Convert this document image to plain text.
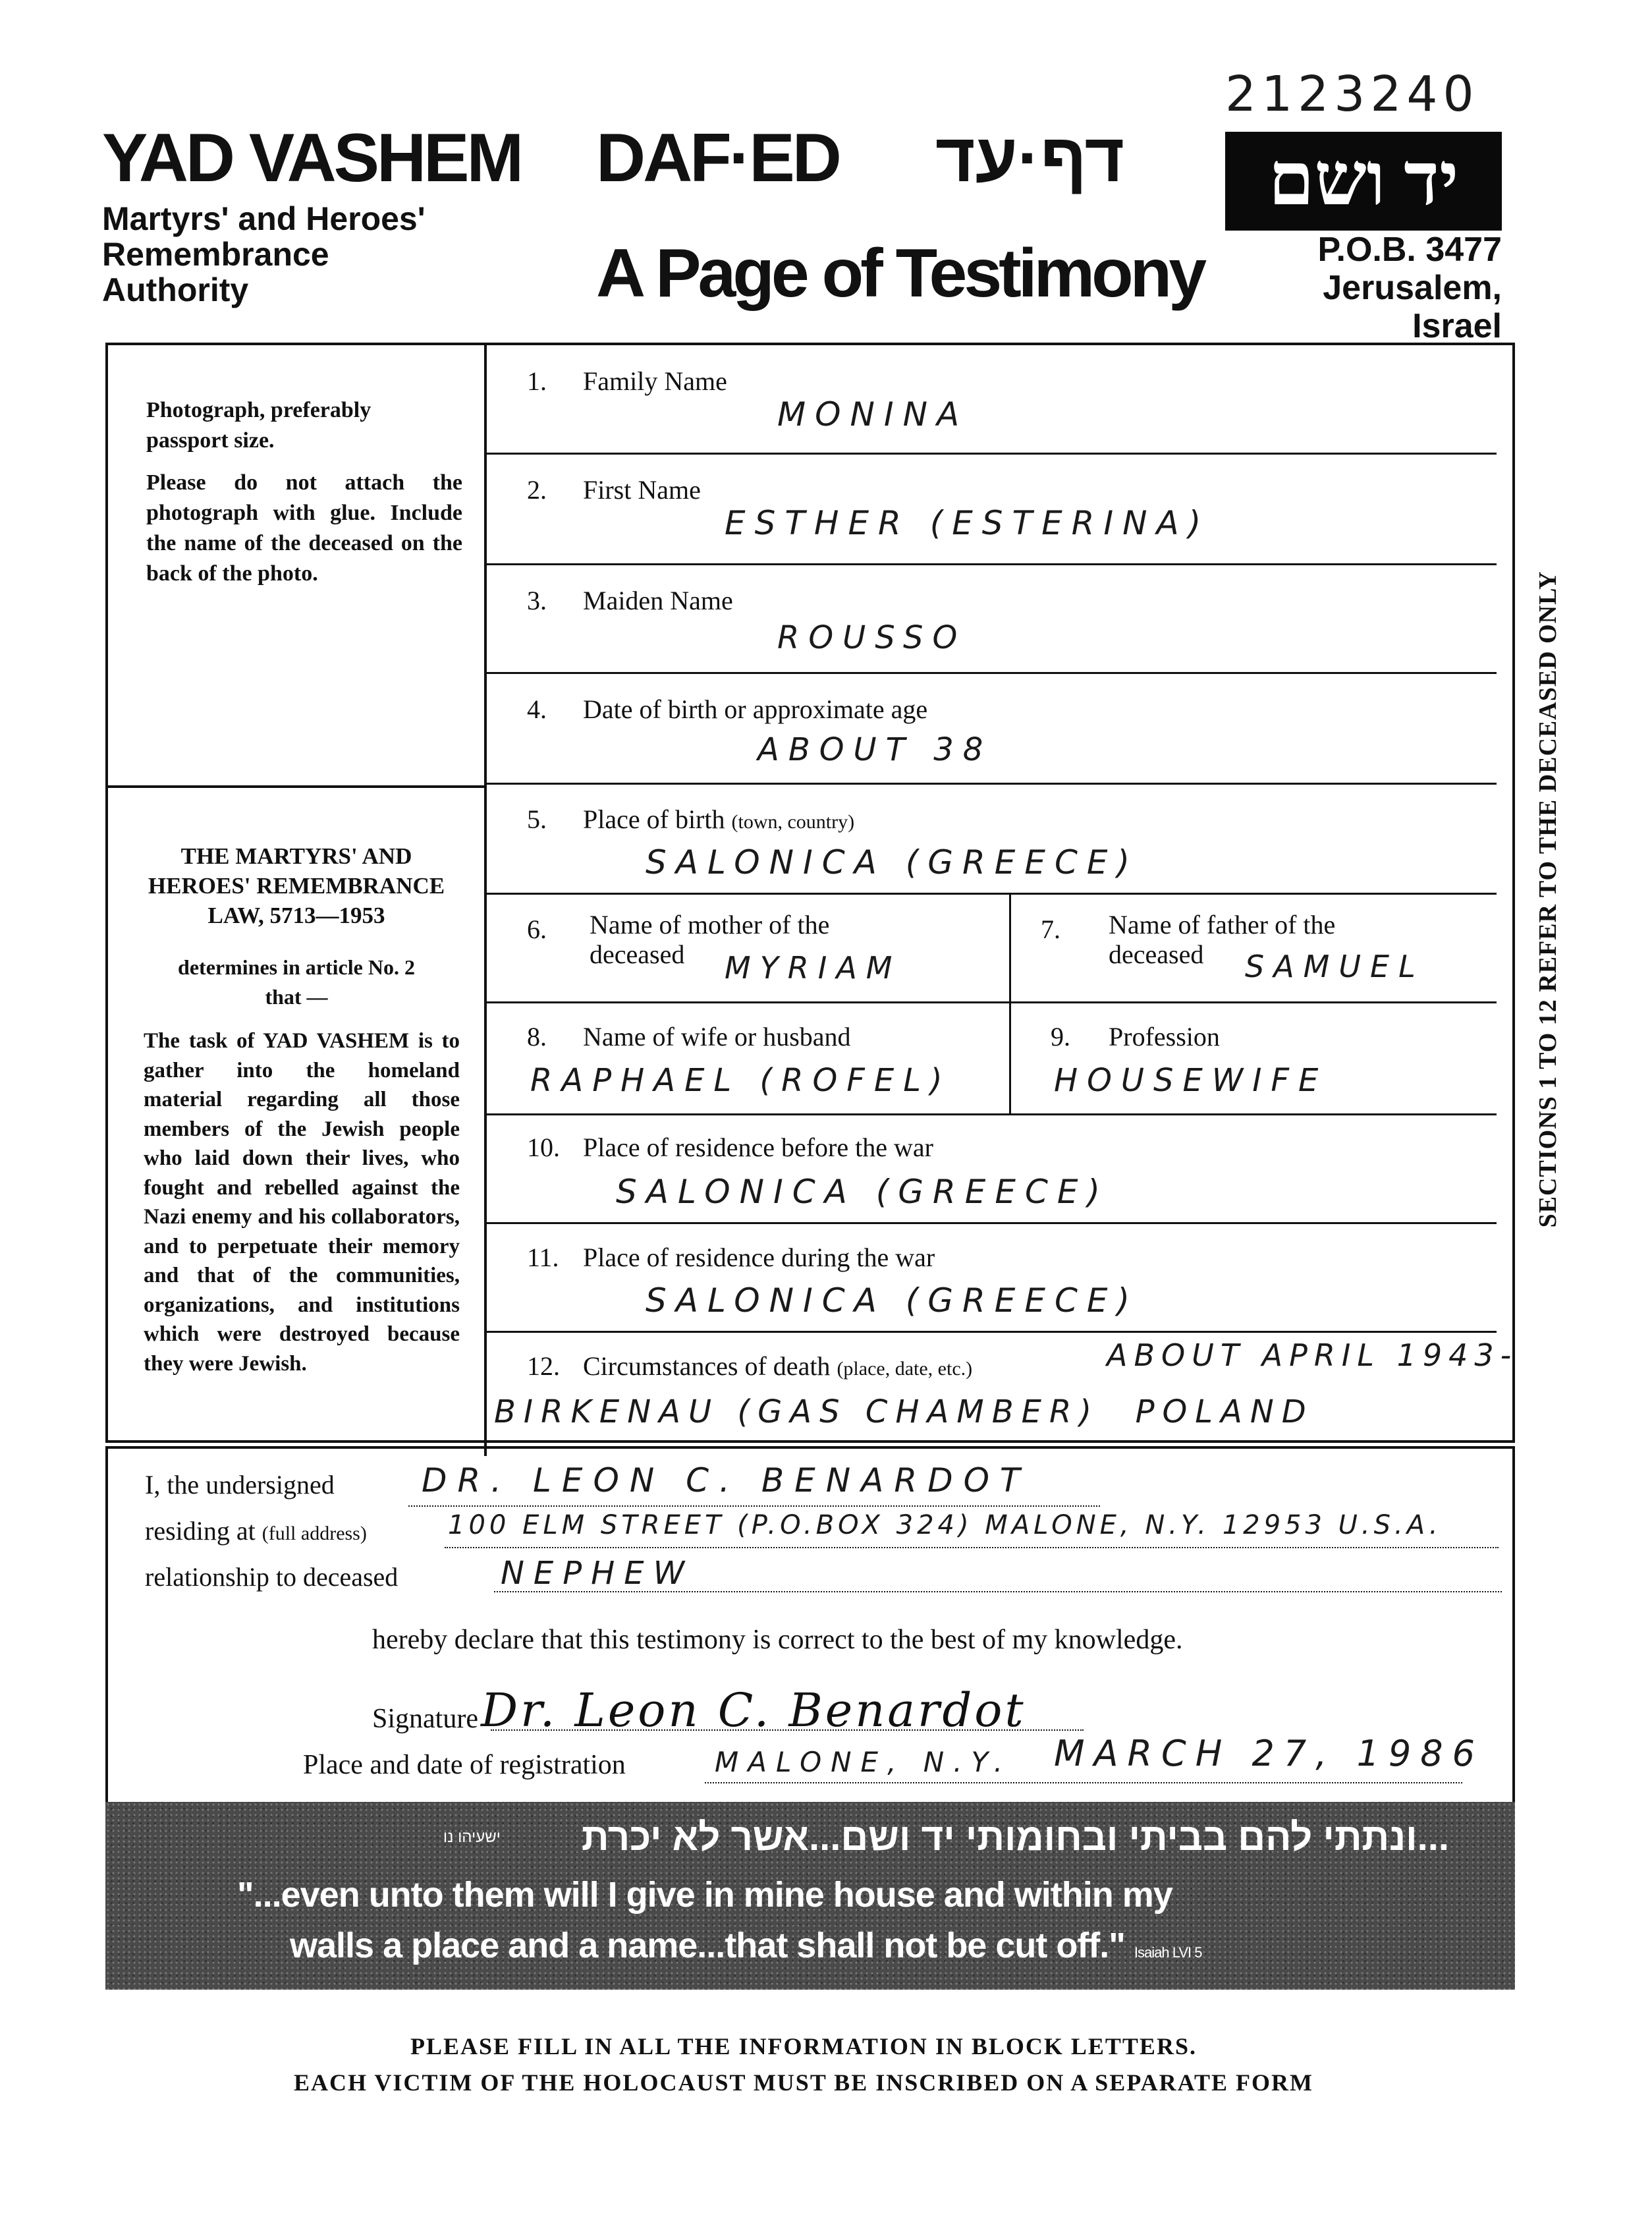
2123240
YAD VASHEM
Martyrs' and Heroes'
Remembrance
Authority
DAF·ED דף·עד
A Page of Testimony
יד ושם
P.O.B. 3477
Jerusalem, Israel
Photograph, preferably passport size.
Please do not attach the photograph with glue. Include the name of the deceased on the back of the photo.
THE MARTYRS' AND
HEROES' REMEMBRANCE
LAW, 5713—1953
determines in article No. 2
that —
The task of YAD VASHEM is to gather into the homeland material regarding all those members of the Jewish people who laid down their lives, who fought and rebelled against the Nazi enemy and his collaborators, and to perpetuate their memory and that of the communities, organizations, and institutions which were destroyed because they were Jewish.
1. Family Name
MONINA
2. First Name
ESTHER (ESTERINA)
3. Maiden Name
ROUSSO
4. Date of birth or approximate age
ABOUT 38
5. Place of birth (town, country)
SALONICA (GREECE)
6. Name of mother of the
deceased MYRIAM
7. Name of father of the
deceased SAMUEL
8. Name of wife or husband
RAPHAEL (ROFEL)
9. Profession
HOUSEWIFE
10. Place of residence before the war
SALONICA (GREECE)
11. Place of residence during the war
SALONICA (GREECE)
12. Circumstances of death (place, date, etc.)	ABOUT APRIL 1943-
BIRKENAU (GAS CHAMBER)  POLAND
SECTIONS 1 TO 12 REFER TO THE DECEASED ONLY
I, the undersigned	DR. LEON C. BENARDOT
residing at (full address)	100 ELM STREET (P.O.BOX 324) MALONE, N.Y. 12953 U.S.A.
relationship to deceased	NEPHEW
hereby declare that this testimony is correct to the best of my knowledge.
Signature Dr. Leon C. Benardot
Place and date of registration	MALONE, N.Y. MARCH 27, 1986
...ונתתי להם בביתי ובחומותי יד ושם...אשר לא יכרת
ישעיהו נו
"...even unto them will I give in mine house and within my
walls a place and a name...that shall not be cut off." Isaiah LVI 5
PLEASE FILL IN ALL THE INFORMATION IN BLOCK LETTERS.
EACH VICTIM OF THE HOLOCAUST MUST BE INSCRIBED ON A SEPARATE FORM
